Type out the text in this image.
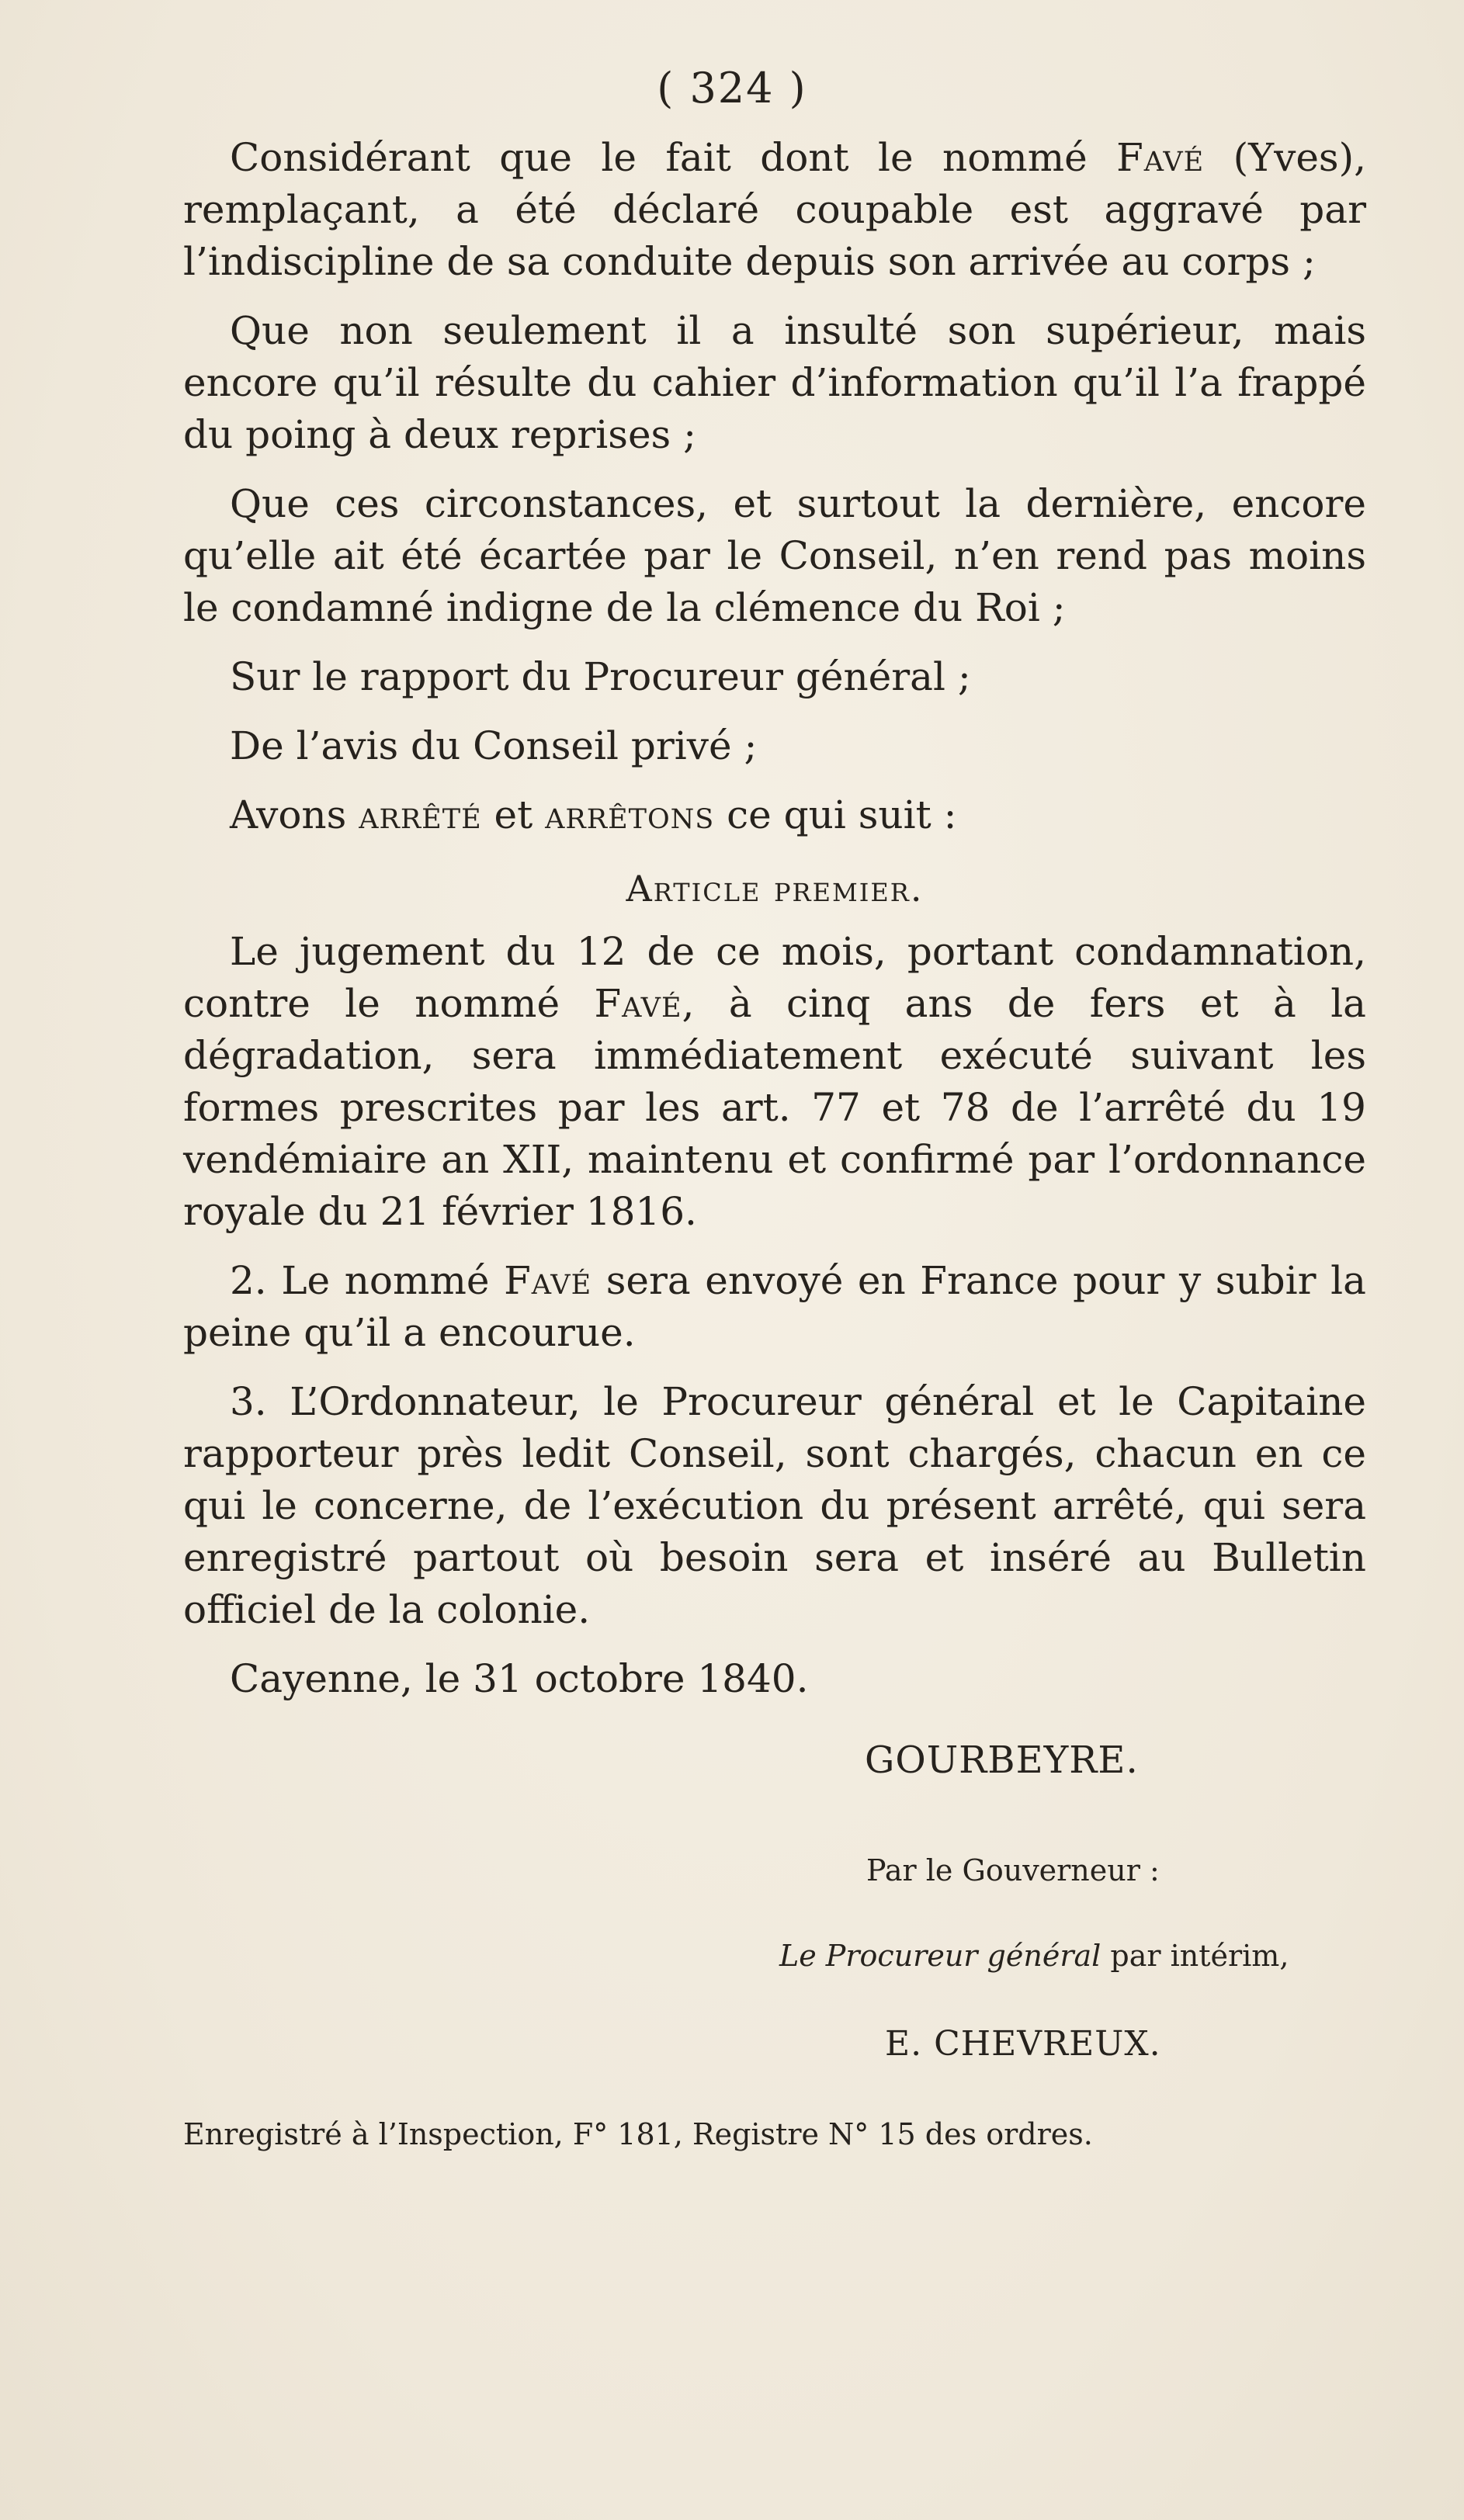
( 324 )

Considérant que le fait dont le nommé Favé (Yves), remplaçant, a été déclaré coupable est aggravé par l’indiscipline de sa conduite depuis son arrivée au corps ;

Que non seulement il a insulté son supérieur, mais encore qu’il résulte du cahier d’information qu’il l’a frappé du poing à deux reprises ;

Que ces circonstances, et surtout la dernière, encore qu’elle ait été écartée par le Conseil, n’en rend pas moins le condamné indigne de la clémence du Roi ;

Sur le rapport du Procureur général ;

De l’avis du Conseil privé ;

Avons arrêté et arrêtons ce qui suit :

Article premier.

Le jugement du 12 de ce mois, portant condamnation, contre le nommé Favé, à cinq ans de fers et à la dégradation, sera immédiatement exécuté suivant les formes prescrites par les art. 77 et 78 de l’arrêté du 19 vendémiaire an XII, maintenu et confirmé par l’ordonnance royale du 21 février 1816.

2. Le nommé Favé sera envoyé en France pour y subir la peine qu’il a encourue.

3. L’Ordonnateur, le Procureur général et le Capitaine rapporteur près ledit Conseil, sont chargés, chacun en ce qui le concerne, de l’exécution du présent arrêté, qui sera enregistré partout où besoin sera et inséré au Bulletin officiel de la colonie.

Cayenne, le 31 octobre 1840.

GOURBEYRE.
Par le Gouverneur :
Le Procureur général par intérim,
E. CHEVREUX.
Enregistré à l’Inspection, F° 181, Registre N° 15 des ordres.
